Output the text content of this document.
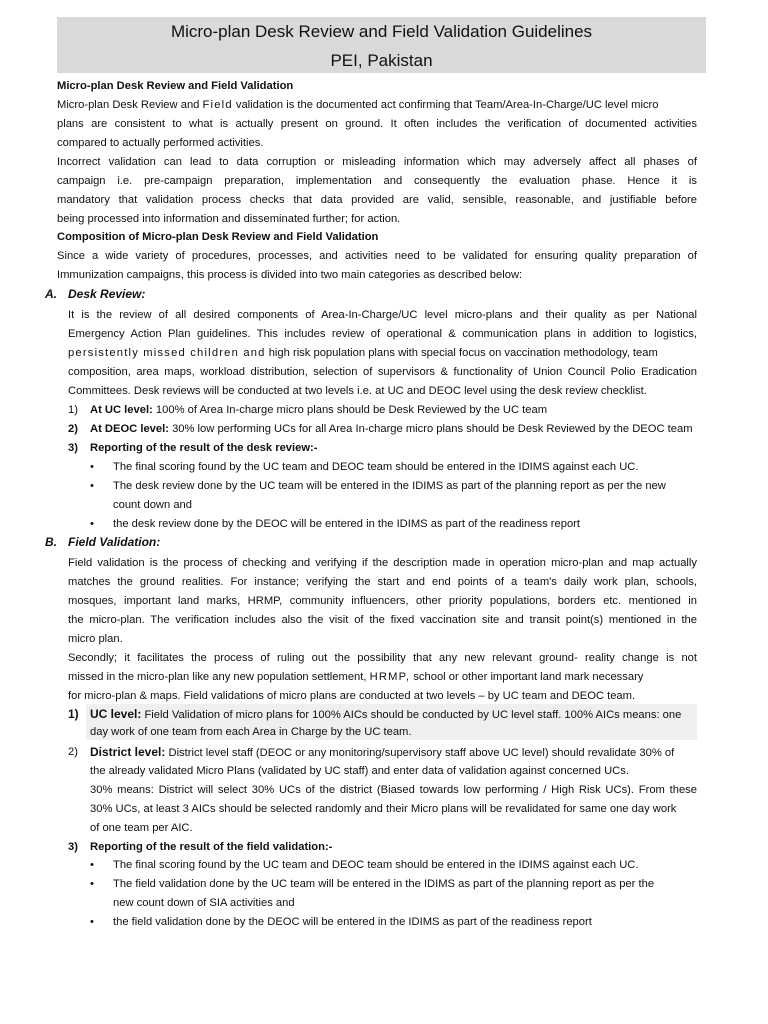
Micro-plan Desk Review and Field Validation Guidelines
PEI, Pakistan
Micro-plan Desk Review and Field Validation
Micro-plan Desk Review and Field validation is the documented act confirming that Team/Area-In-Charge/UC level micro
plans are consistent to what is actually present on ground. It often includes the verification of documented activities
compared to actually performed activities.
Incorrect validation can lead to data corruption or misleading information which may adversely affect all phases of
campaign i.e. pre-campaign preparation, implementation and consequently the evaluation phase. Hence it is
mandatory that validation process checks that data provided are valid, sensible, reasonable, and justifiable before
being processed into information and disseminated further; for action.
Composition of Micro-plan Desk Review and Field Validation
Since a wide variety of procedures, processes, and activities need to be validated for ensuring quality preparation of
Immunization campaigns, this process is divided into two main categories as described below:
A. Desk Review:
It is the review of all desired components of Area-In-Charge/UC level micro-plans and their quality as per National
Emergency Action Plan guidelines. This includes review of operational & communication plans in addition to logistics,
persistently missed children and high risk population plans with special focus on vaccination methodology, team
composition, area maps, workload distribution, selection of supervisors & functionality of Union Council Polio Eradication
Committees. Desk reviews will be conducted at two levels i.e. at UC and DEOC level using the desk review checklist.
1) At UC level: 100% of Area In-charge micro plans should be Desk Reviewed by the UC team
2) At DEOC level: 30% low performing UCs for all Area In-charge micro plans should be Desk Reviewed by the DEOC team
3) Reporting of the result of the desk review:-
• The final scoring found by the UC team and DEOC team should be entered in the IDIMS against each UC.
• The desk review done by the UC team will be entered in the IDIMS as part of the planning report as per the new
count down and
• the desk review done by the DEOC will be entered in the IDIMS as part of the readiness report
B. Field Validation:
Field validation is the process of checking and verifying if the description made in operation micro-plan and map actually
matches the ground realities. For instance; verifying the start and end points of a team's daily work plan, schools,
mosques, important land marks, HRMP, community influencers, other priority populations, borders etc. mentioned in
the micro-plan. The verification includes also the visit of the fixed vaccination site and transit point(s) mentioned in the
micro plan.
Secondly; it facilitates the process of ruling out the possibility that any new relevant ground- reality change is not
missed in the micro-plan like any new population settlement, HRMP, school or other important land mark necessary
for micro-plan & maps. Field validations of micro plans are conducted at two levels – by UC team and DEOC team.
1) UC level: Field Validation of micro plans for 100% AICs should be conducted by UC level staff. 100% AICs means: one
day work of one team from each Area in Charge by the UC team.
2) District level: District level staff (DEOC or any monitoring/supervisory staff above UC level) should revalidate 30% of
the already validated Micro Plans (validated by UC staff) and enter data of validation against concerned UCs.
30% means: District will select 30% UCs of the district (Biased towards low performing / High Risk UCs). From these
30% UCs, at least 3 AICs should be selected randomly and their Micro plans will be revalidated for same one day work
of one team per AIC.
3) Reporting of the result of the field validation:-
• The final scoring found by the UC team and DEOC team should be entered in the IDIMS against each UC.
• The field validation done by the UC team will be entered in the IDIMS as part of the planning report as per the
new count down of SIA activities and
• the field validation done by the DEOC will be entered in the IDIMS as part of the readiness report
